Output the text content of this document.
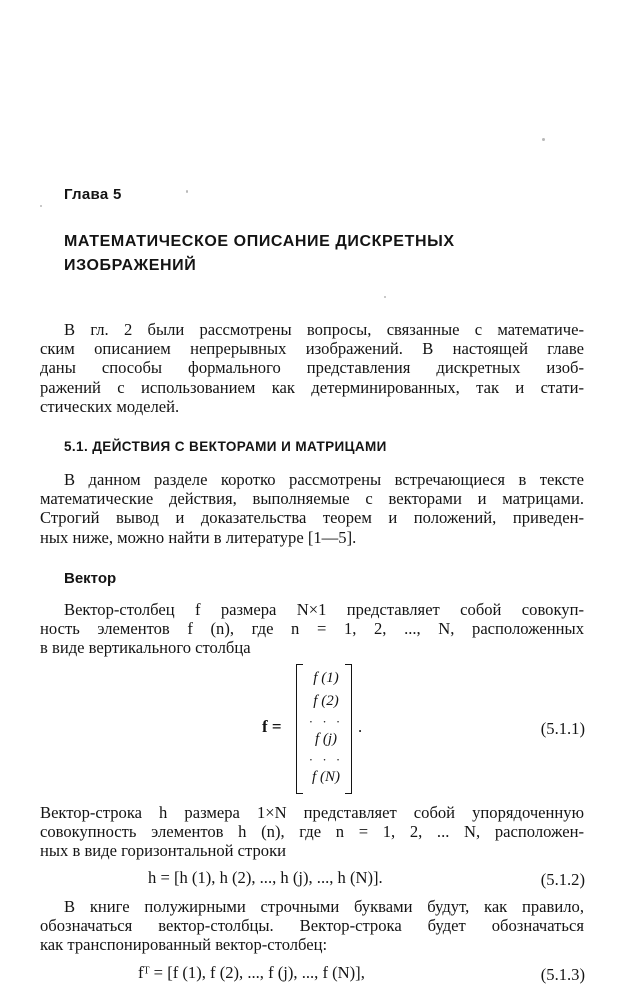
Глава 5
МАТЕМАТИЧЕСКОЕ ОПИСАНИЕ ДИСКРЕТНЫХ
ИЗОБРАЖЕНИЙ
В гл. 2 были рассмотрены вопросы, связанные с математиче-
ским описанием непрерывных изображений. В настоящей главе
даны способы формального представления дискретных изоб-
ражений с использованием как детерминированных, так и стати-
стических моделей.
5.1. ДЕЙСТВИЯ С ВЕКТОРАМИ И МАТРИЦАМИ
В данном разделе коротко рассмотрены встречающиеся в тексте
математические действия, выполняемые с векторами и матрицами.
Строгий вывод и доказательства теорем и положений, приведен-
ных ниже, можно найти в литературе [1—5].
Вектор
Вектор-столбец f размера N×1 представляет собой совокуп-
ность элементов f (n), где n = 1, 2, ..., N, расположенных
в виде вертикального столбца
f =
f (1)
f (2)
· · ·
f (j)
· · ·
f (N)
.	(5.1.1)
Вектор-строка h размера 1×N представляет собой упорядоченную
совокупность элементов h (n), где n = 1, 2, ... N, расположен-
ных в виде горизонтальной строки
h = [h (1), h (2), ..., h (j), ..., h (N)].	(5.1.2)
В книге полужирными строчными буквами будут, как правило,
обозначаться вектор-столбцы. Вектор-строка будет обозначаться
как транспонированный вектор-столбец:
fᵀ = [f (1), f (2), ..., f (j), ..., f (N)],	(5.1.3)
